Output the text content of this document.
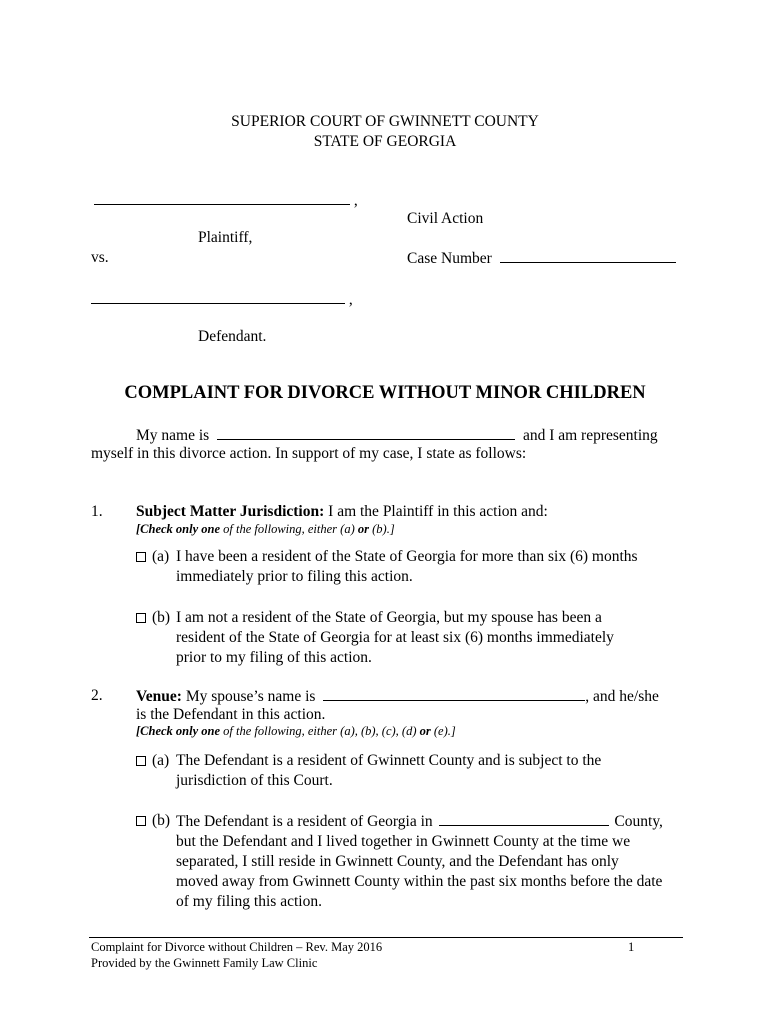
SUPERIOR COURT OF GWINNETT COUNTY
STATE OF GEORGIA
,
Civil Action
Plaintiff,
vs.	Case Number
,
Defendant.
COMPLAINT FOR DIVORCE WITHOUT MINOR CHILDREN
My name is	and I am representing
myself in this divorce action. In support of my case, I state as follows:
1. Subject Matter Jurisdiction: I am the Plaintiff in this action and:
[Check only one of the following, either (a) or (b).]
(a) I have been a resident of the State of Georgia for more than six (6) months immediately prior to filing this action.
(b) I am not a resident of the State of Georgia, but my spouse has been a resident of the State of Georgia for at least six (6) months immediately prior to my filing of this action.
2. Venue: My spouse’s name is	, and he/she
is the Defendant in this action.
[Check only one of the following, either (a), (b), (c), (d) or (e).]
(a) The Defendant is a resident of Gwinnett County and is subject to the jurisdiction of this Court.
(b) The Defendant is a resident of Georgia in	County, but the Defendant and I lived together in Gwinnett County at the time we separated, I still reside in Gwinnett County, and the Defendant has only moved away from Gwinnett County within the past six months before the date of my filing this action.
Complaint for Divorce without Children – Rev. May 2016
Provided by the Gwinnett Family Law Clinic
1
